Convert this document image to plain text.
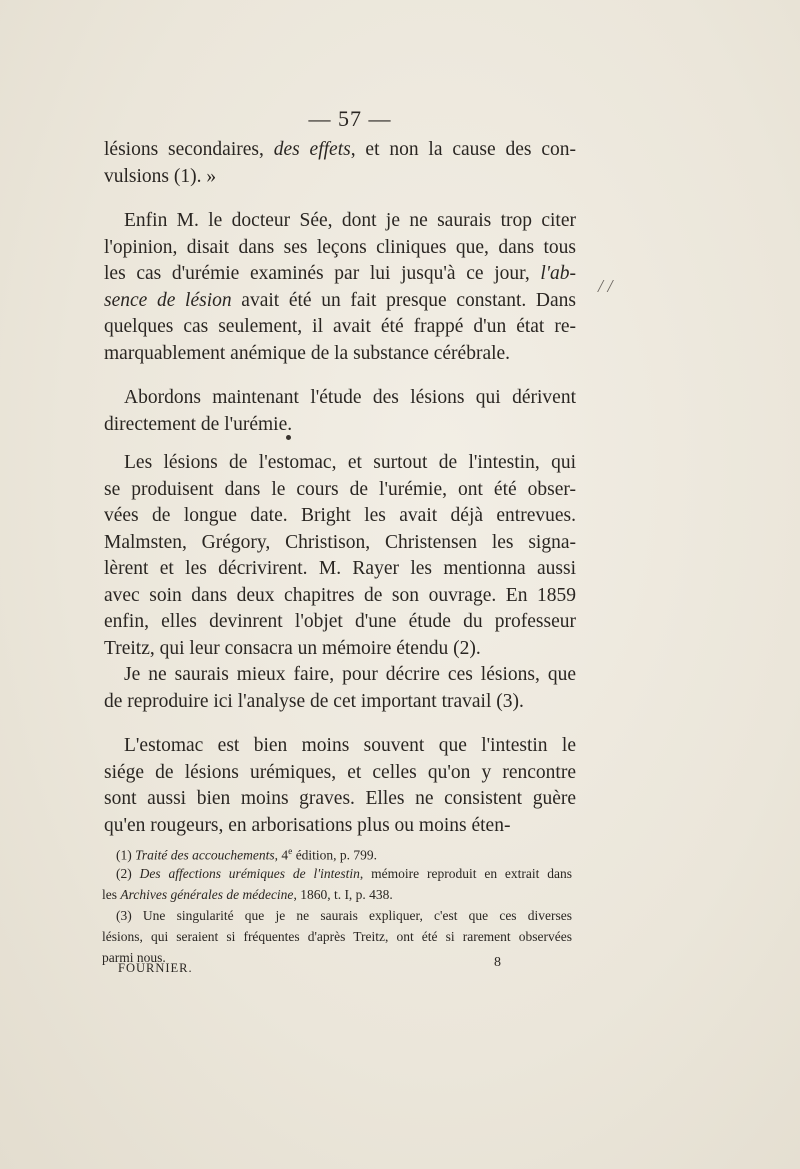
— 57 —
/ /
lésions secondaires, des effets, et non la cause des con-
vulsions (1). »
Enfin M. le docteur Sée, dont je ne saurais trop citer
l'opinion, disait dans ses leçons cliniques que, dans tous
les cas d'urémie examinés par lui jusqu'à ce jour, l'ab-
sence de lésion avait été un fait presque constant. Dans
quelques cas seulement, il avait été frappé d'un état re-
marquablement anémique de la substance cérébrale.
Abordons maintenant l'étude des lésions qui dérivent
directement de l'urémie.
Les lésions de l'estomac, et surtout de l'intestin, qui
se produisent dans le cours de l'urémie, ont été obser-
vées de longue date. Bright les avait déjà entrevues.
Malmsten, Grégory, Christison, Christensen les signa-
lèrent et les décrivirent. M. Rayer les mentionna aussi
avec soin dans deux chapitres de son ouvrage. En 1859
enfin, elles devinrent l'objet d'une étude du professeur
Treitz, qui leur consacra un mémoire étendu (2).
Je ne saurais mieux faire, pour décrire ces lésions, que
de reproduire ici l'analyse de cet important travail (3).
L'estomac est bien moins souvent que l'intestin le
siége de lésions urémiques, et celles qu'on y rencontre
sont aussi bien moins graves. Elles ne consistent guère
qu'en rougeurs, en arborisations plus ou moins éten-
(1) Traité des accouchements, 4e édition, p. 799.
(2) Des affections urémiques de l'intestin, mémoire reproduit en extrait dans
les Archives générales de médecine, 1860, t. I, p. 438.
(3) Une singularité que je ne saurais expliquer, c'est que ces diverses
lésions, qui seraient si fréquentes d'après Treitz, ont été si rarement observées
parmi nous.
FOURNIER.	8
